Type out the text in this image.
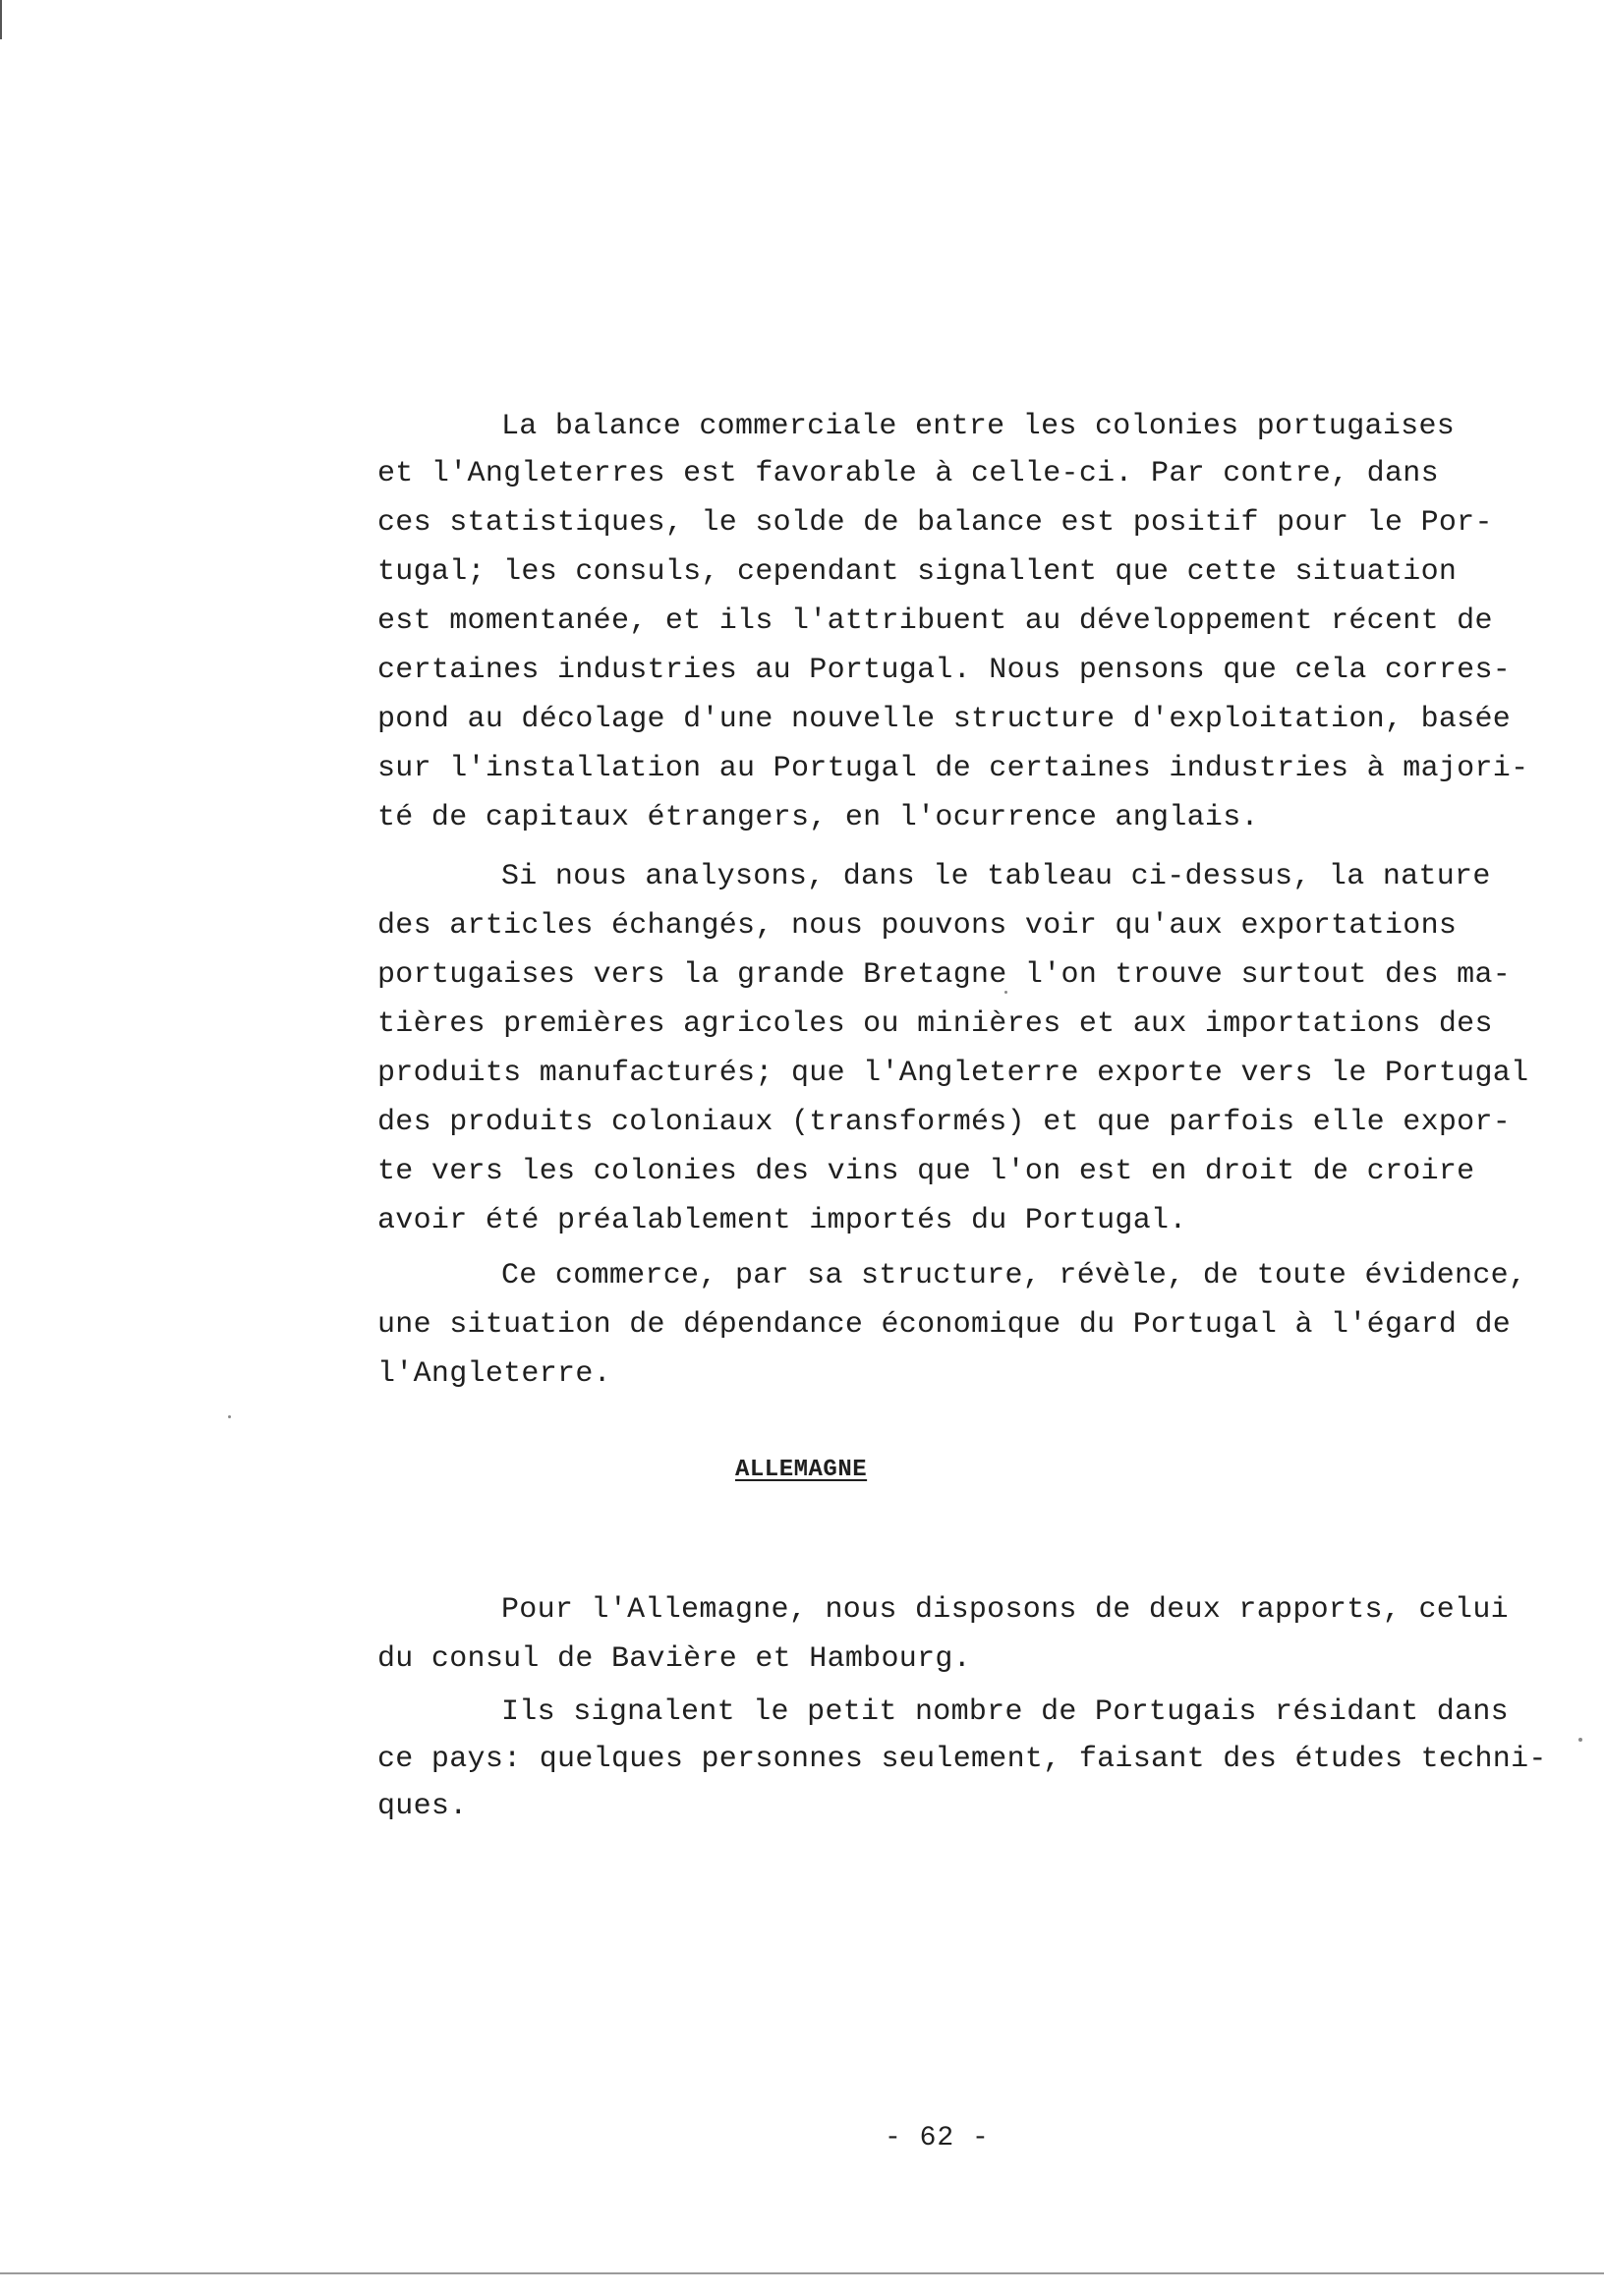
La balance commerciale entre les colonies portugaises
et l'Angleterres est favorable à celle-ci. Par contre, dans
ces statistiques, le solde de balance est positif pour le Por-
tugal; les consuls, cependant signallent que cette situation
est momentanée, et ils l'attribuent au développement récent de
certaines industries au Portugal. Nous pensons que cela corres-
pond au décolage d'une nouvelle structure d'exploitation, basée
sur l'installation au Portugal de certaines industries à majori-
té de capitaux étrangers, en l'ocurrence anglais.
Si nous analysons, dans le tableau ci-dessus, la nature
des articles échangés, nous pouvons voir qu'aux exportations
portugaises vers la grande Bretagne l'on trouve surtout des ma-
tières premières agricoles ou minières et aux importations des
produits manufacturés; que l'Angleterre exporte vers le Portugal
des produits coloniaux (transformés) et que parfois elle expor-
te vers les colonies des vins que l'on est en droit de croire
avoir été préalablement importés du Portugal.
Ce commerce, par sa structure, révèle, de toute évidence,
une situation de dépendance économique du Portugal à l'égard de
l'Angleterre.
ALLEMAGNE
Pour l'Allemagne, nous disposons de deux rapports, celui
du consul de Bavière et Hambourg.
Ils signalent le petit nombre de Portugais résidant dans
ce pays: quelques personnes seulement, faisant des études techni-
ques.
- 62 -
